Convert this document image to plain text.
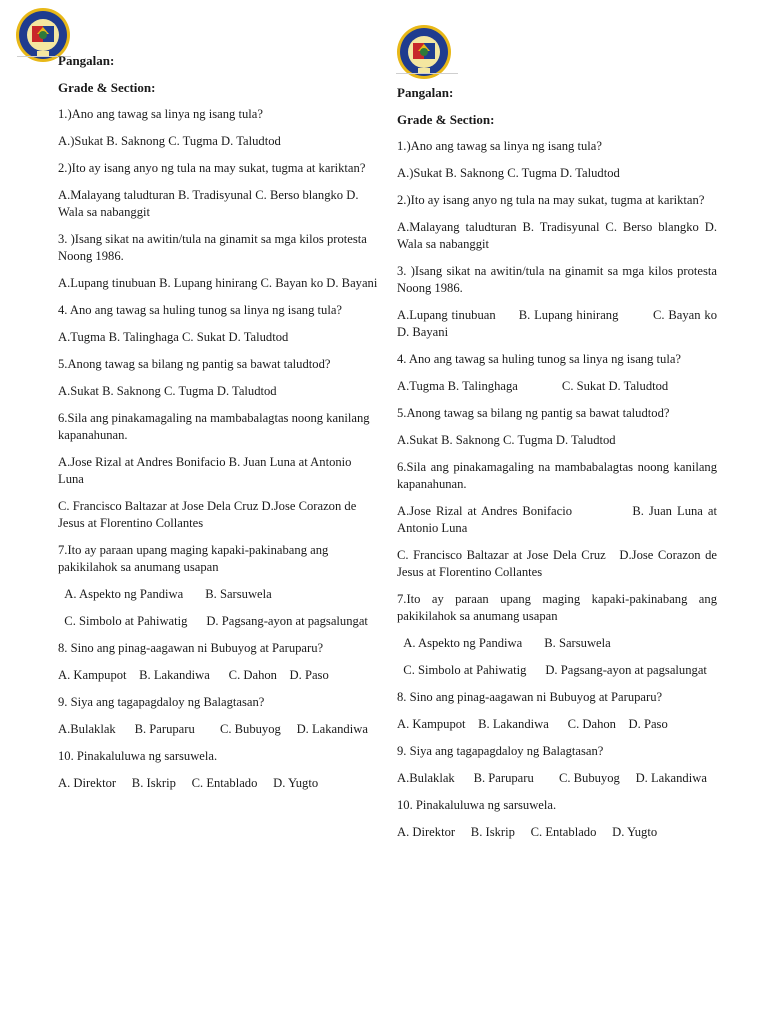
Pangalan:

Grade & Section:

1.)Ano ang tawag sa linya ng isang tula?

A.)Sukat B. Saknong C. Tugma D. Taludtod

2.)Ito ay isang anyo ng tula na may sukat, tugma at kariktan?

A.Malayang taludturan B. Tradisyunal C. Berso blangko D. Wala sa nabanggit

3. )Isang sikat na awitin/tula na ginamit sa mga kilos protesta Noong 1986.

A.Lupang tinubuan B. Lupang hinirang C. Bayan ko D. Bayani

4. Ano ang tawag sa huling tunog sa linya ng isang tula?

A.Tugma B. Talinghaga C. Sukat D. Taludtod

5.Anong tawag sa bilang ng pantig sa bawat taludtod?

A.Sukat B. Saknong C. Tugma D. Taludtod

6.Sila ang pinakamagaling na mambabalagtas noong kanilang kapanahunan.

A.Jose Rizal at Andres Bonifacio B. Juan Luna at Antonio Luna

C. Francisco Baltazar at Jose Dela Cruz D.Jose Corazon de Jesus at Florentino Collantes

7.Ito ay paraan upang maging kapaki-pakinabang ang pakikilahok sa anumang usapan

A. Aspekto ng Pandiwa       B. Sarsuwela

C. Simbolo at Pahiwatig      D. Pagsang-ayon at pagsalungat

8. Sino ang pinag-aagawan ni Bubuyog at Paruparu?

A. Kampupot    B. Lakandiwa      C. Dahon    D. Paso

9. Siya ang tagapagdaloy ng Balagtasan?

A.Bulaklak      B. Paruparu        C. Bubuyog     D. Lakandiwa

10. Pinakaluluwa ng sarsuwela.

A. Direktor     B. Iskrip     C. Entablado     D. Yugto

Pangalan:

Grade & Section:

1.)Ano ang tawag sa linya ng isang tula?

A.)Sukat B. Saknong C. Tugma D. Taludtod

2.)Ito ay isang anyo ng tula na may sukat, tugma at kariktan?

A.Malayang taludturan B. Tradisyunal C. Berso blangko D. Wala sa nabanggit

3. )Isang sikat na awitin/tula na ginamit sa mga kilos protesta Noong 1986.

A.Lupang tinubuan      B. Lupang hinirang         C. Bayan ko        D. Bayani

4. Ano ang tawag sa huling tunog sa linya ng isang tula?

A.Tugma B. Talinghaga              C. Sukat D. Taludtod

5.Anong tawag sa bilang ng pantig sa bawat taludtod?

A.Sukat B. Saknong C. Tugma D. Taludtod

6.Sila ang pinakamagaling na mambabalagtas noong kanilang kapanahunan.

A.Jose Rizal at Andres Bonifacio            B. Juan Luna at Antonio Luna

C. Francisco Baltazar at Jose Dela Cruz   D.Jose Corazon de Jesus at Florentino Collantes

7.Ito ay paraan upang maging kapaki-pakinabang ang pakikilahok sa anumang usapan

A. Aspekto ng Pandiwa       B. Sarsuwela

C. Simbolo at Pahiwatig      D. Pagsang-ayon at pagsalungat

8. Sino ang pinag-aagawan ni Bubuyog at Paruparu?

A. Kampupot    B. Lakandiwa      C. Dahon    D. Paso

9. Siya ang tagapagdaloy ng Balagtasan?

A.Bulaklak      B. Paruparu        C. Bubuyog     D. Lakandiwa

10. Pinakaluluwa ng sarsuwela.

A. Direktor     B. Iskrip     C. Entablado     D. Yugto
